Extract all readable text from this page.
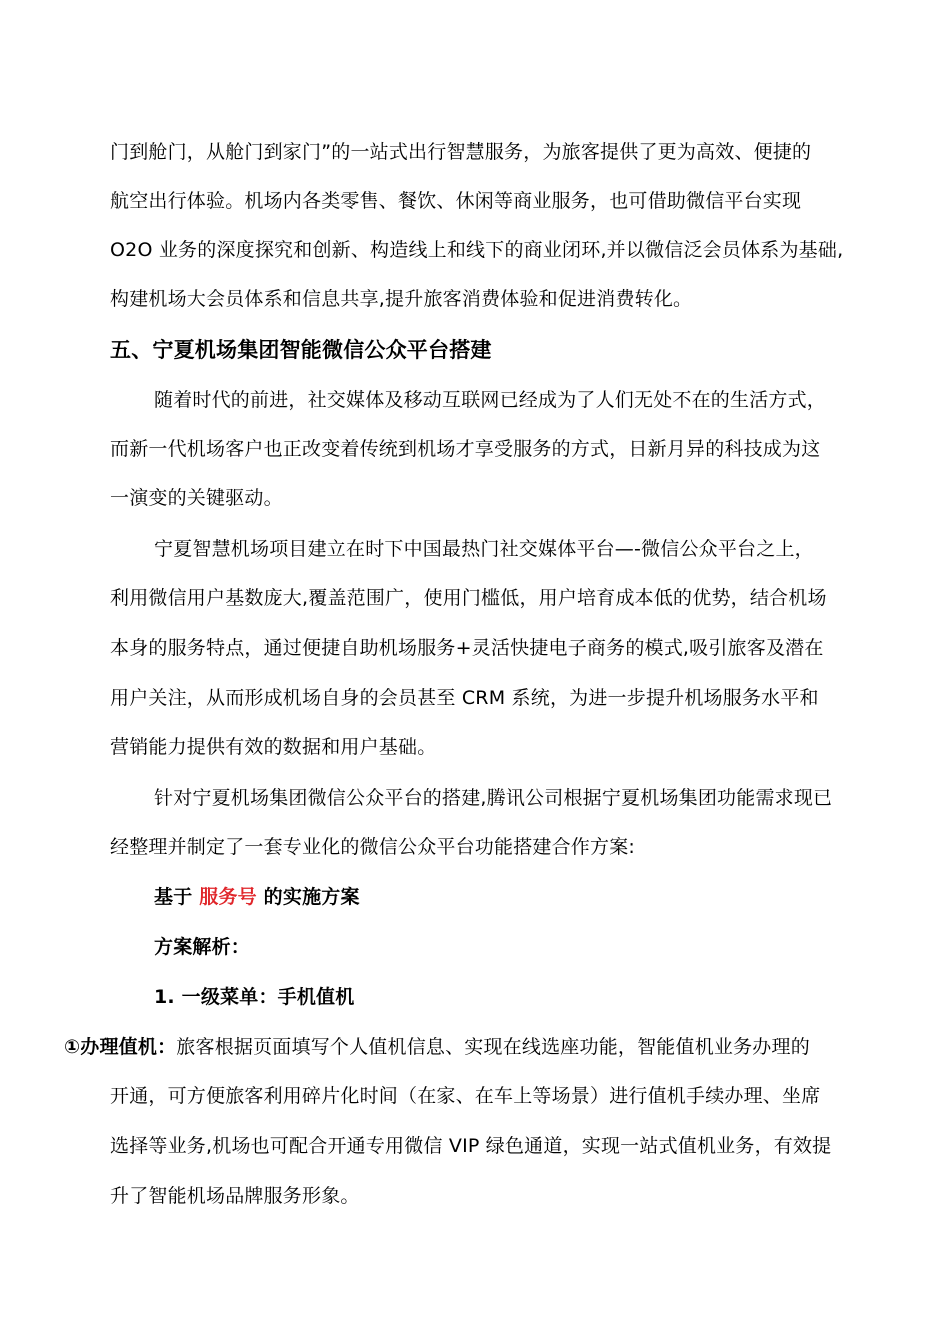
门到舱门，从舱门到家门”的一站式出行智慧服务，为旅客提供了更为高效、便捷的
航空出行体验。机场内各类零售、餐饮、休闲等商业服务，也可借助微信平台实现
O2O 业务的深度探究和创新、构造线上和线下的商业闭环,并以微信泛会员体系为基础,
构建机场大会员体系和信息共享,提升旅客消费体验和促进消费转化。
五、宁夏机场集团智能微信公众平台搭建
随着时代的前进，社交媒体及移动互联网已经成为了人们无处不在的生活方式，
而新一代机场客户也正改变着传统到机场才享受服务的方式，日新月异的科技成为这
一演变的关键驱动。
宁夏智慧机场项目建立在时下中国最热门社交媒体平台—-微信公众平台之上，
利用微信用户基数庞大,覆盖范围广，使用门槛低，用户培育成本低的优势，结合机场
本身的服务特点，通过便捷自助机场服务+灵活快捷电子商务的模式,吸引旅客及潜在
用户关注，从而形成机场自身的会员甚至 CRM 系统，为进一步提升机场服务水平和
营销能力提供有效的数据和用户基础。
针对宁夏机场集团微信公众平台的搭建,腾讯公司根据宁夏机场集团功能需求现已
经整理并制定了一套专业化的微信公众平台功能搭建合作方案:
基于 服务号 的实施方案
方案解析：
1. 一级菜单：手机值机
①办理值机：旅客根据页面填写个人值机信息、实现在线选座功能，智能值机业务办理的
开通，可方便旅客利用碎片化时间（在家、在车上等场景）进行值机手续办理、坐席
选择等业务,机场也可配合开通专用微信 VIP 绿色通道，实现一站式值机业务，有效提
升了智能机场品牌服务形象。
